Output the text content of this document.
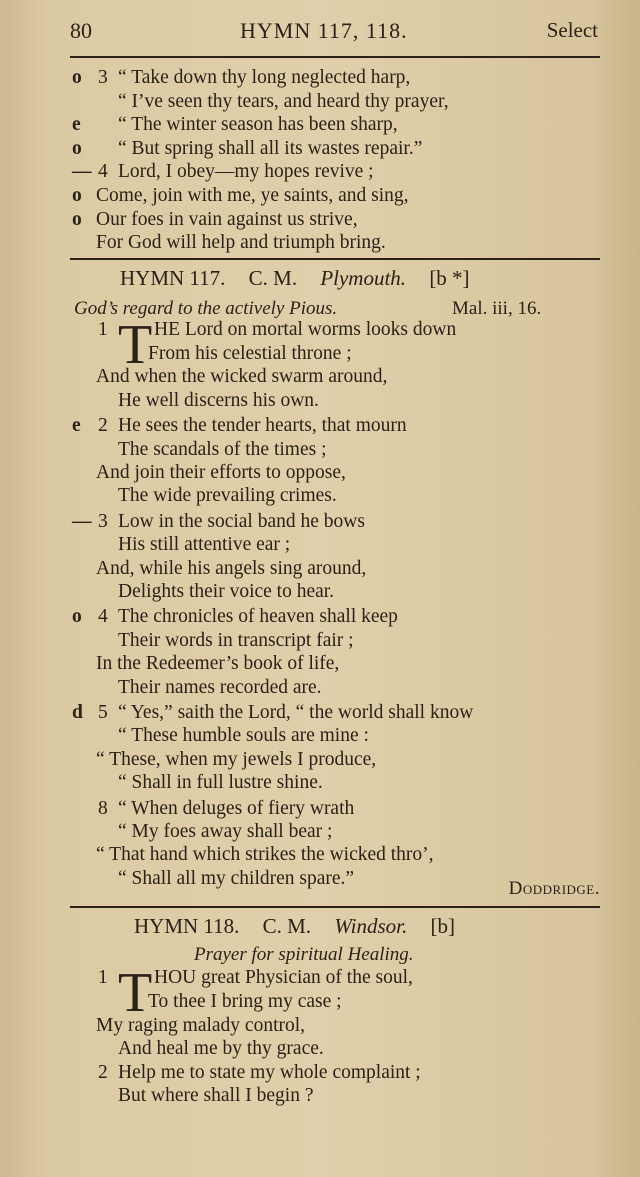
80	HYMN 117, 118.	Select
o 3 “ Take down thy long neglected harp,
“ I’ve seen thy tears, and heard thy prayer,
e	“ The winter season has been sharp,
o	“ But spring shall all its wastes repair.”
— 4 Lord, I obey—my hopes revive ;
o Come, join with me, ye saints, and sing,
o Our foes in vain against us strive,
For God will help and triumph bring.
HYMN 117. C. M. Plymouth. [b *]
God’s regard to the actively Pious.	Mal. iii, 16.
1 T HE Lord on mortal worms looks down
From his celestial throne ;
And when the wicked swarm around,
He well discerns his own.
e 2 He sees the tender hearts, that mourn
The scandals of the times ;
And join their efforts to oppose,
The wide prevailing crimes.
— 3 Low in the social band he bows
His still attentive ear ;
And, while his angels sing around,
Delights their voice to hear.
o 4 The chronicles of heaven shall keep
Their words in transcript fair ;
In the Redeemer’s book of life,
Their names recorded are.
d 5 “ Yes,” saith the Lord, “ the world shall know
“ These humble souls are mine :
“ These, when my jewels I produce,
“ Shall in full lustre shine.
8 “ When deluges of fiery wrath
“ My foes away shall bear ;
“ That hand which strikes the wicked thro’,
“ Shall all my children spare.”	Doddridge.
HYMN 118. C. M. Windsor. [b]
Prayer for spiritual Healing.
1 T HOU great Physician of the soul,
To thee I bring my case ;
My raging malady control,
And heal me by thy grace.
2 Help me to state my whole complaint ;
But where shall I begin ?
